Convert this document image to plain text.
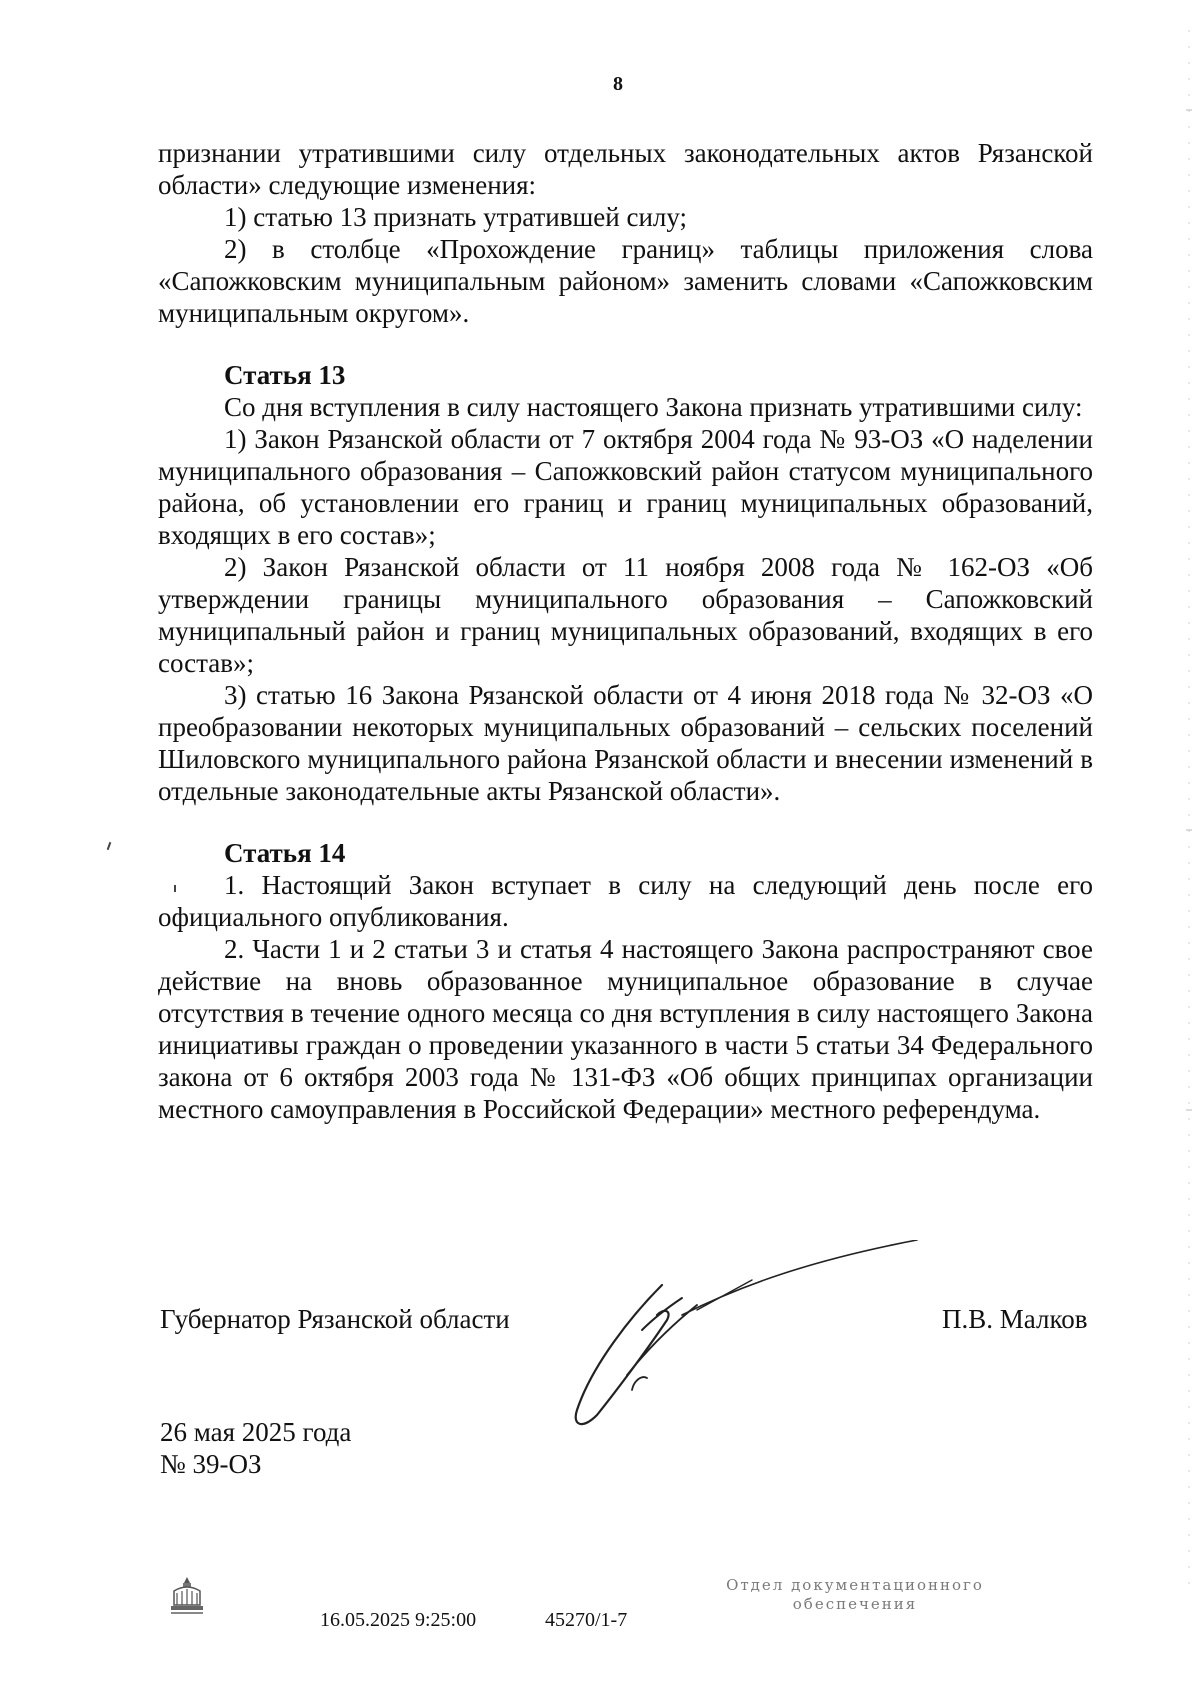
8

признании утратившими силу отдельных законодательных актов Рязанской области» следующие изменения:

1) статью 13 признать утратившей силу;

2) в столбце «Прохождение границ» таблицы приложения слова «Сапожковским муниципальным районом» заменить словами «Сапожковским муниципальным округом».

Статья 13

Со дня вступления в силу настоящего Закона признать утратившими силу:

1) Закон Рязанской области от 7 октября 2004 года № 93-ОЗ «О наделении муниципального образования – Сапожковский район статусом муниципального района, об установлении его границ и границ муниципальных образований, входящих в его состав»;

2) Закон Рязанской области от 11 ноября 2008 года № 162-ОЗ «Об утверждении границы муниципального образования – Сапожковский муниципальный район и границ муниципальных образований, входящих в его состав»;

3) статью 16 Закона Рязанской области от 4 июня 2018 года № 32-ОЗ «О преобразовании некоторых муниципальных образований – сельских поселений Шиловского муниципального района Рязанской области и внесении изменений в отдельные законодательные акты Рязанской области».

Статья 14

1. Настоящий Закон вступает в силу на следующий день после его официального опубликования.

2. Части 1 и 2 статьи 3 и статья 4 настоящего Закона распространяют свое действие на вновь образованное муниципальное образование в случае отсутствия в течение одного месяца со дня вступления в силу настоящего Закона инициативы граждан о проведении указанного в части 5 статьи 34 Федерального закона от 6 октября 2003 года № 131-ФЗ «Об общих принципах организации местного самоуправления в Российской Федерации» местного референдума.

Губернатор Рязанской области	П.В. Малков
26 мая 2025 года
№ 39-ОЗ
16.05.2025 9:25:00	45270/1-7
Отдел документационного
обеспечения
